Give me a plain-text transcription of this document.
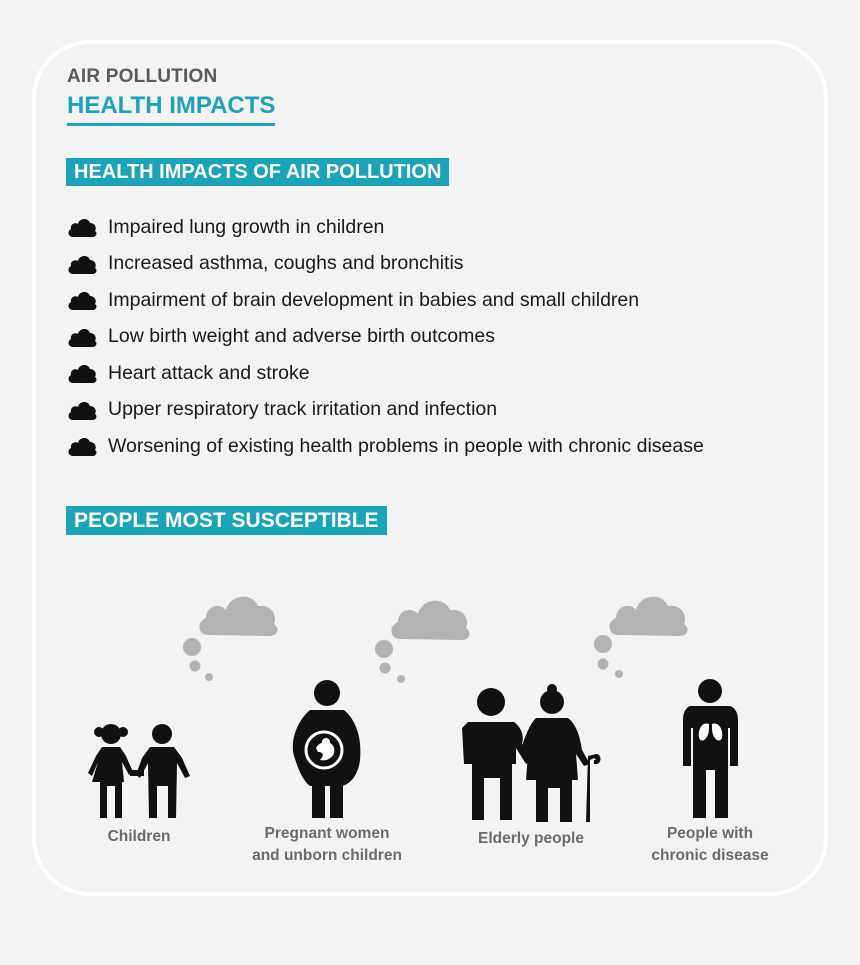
AIR POLLUTION
HEALTH IMPACTS
HEALTH IMPACTS OF AIR POLLUTION
Impaired lung growth in children
Increased asthma, coughs and bronchitis
Impairment of brain development in babies and small children
Low birth weight and adverse birth outcomes
Heart attack and stroke
Upper respiratory track irritation and infection
Worsening of existing health problems in people with chronic disease
PEOPLE MOST SUSCEPTIBLE
Children	Pregnant women
and unborn children
Elderly people	People with
chronic disease
